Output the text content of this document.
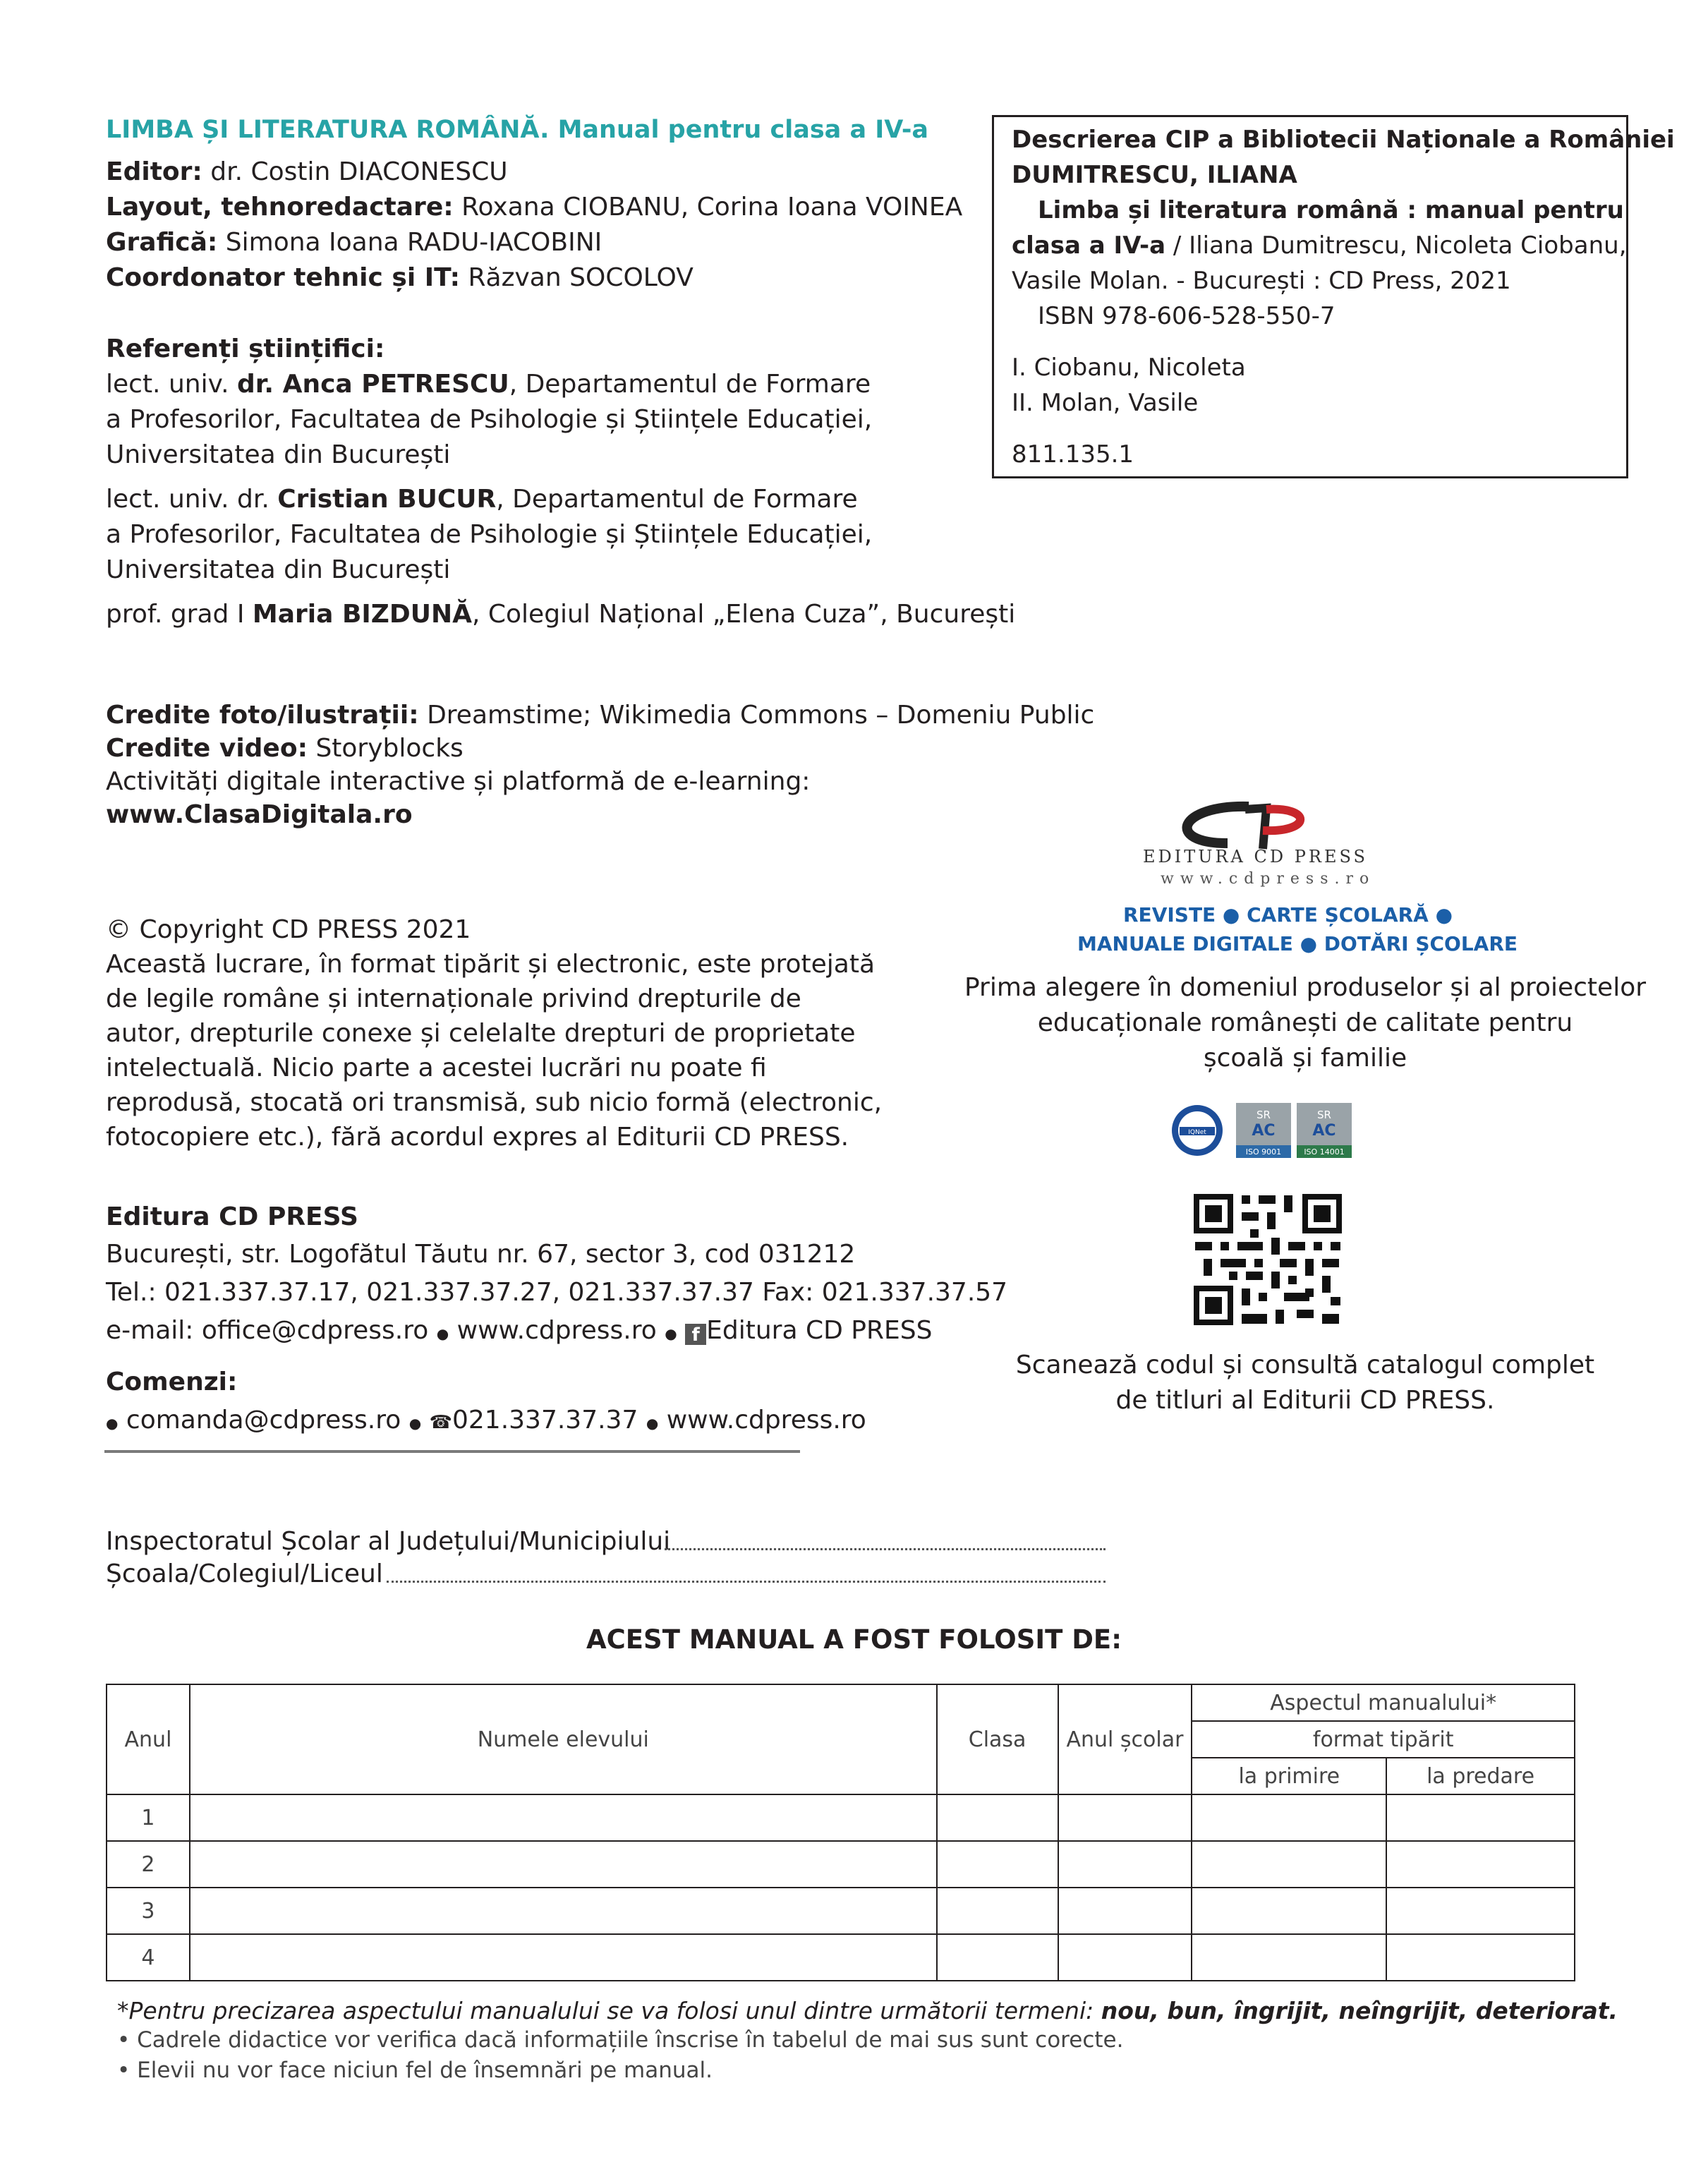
LIMBA ȘI LITERATURA ROMÂNĂ. Manual pentru clasa a IV-a
Editor: dr. Costin DIACONESCU
Layout, tehnoredactare: Roxana CIOBANU, Corina Ioana VOINEA
Grafică: Simona Ioana RADU-IACOBINI
Coordonator tehnic și IT: Răzvan SOCOLOV
Referenți științifici:
lect. univ. dr. Anca PETRESCU, Departamentul de Formare
a Profesorilor, Facultatea de Psihologie și Științele Educației,
Universitatea din București
lect. univ. dr. Cristian BUCUR, Departamentul de Formare
a Profesorilor, Facultatea de Psihologie și Științele Educației,
Universitatea din București
prof. grad I Maria BIZDUNĂ, Colegiul Național „Elena Cuza”, București
Descrierea CIP a Bibliotecii Naționale a României
DUMITRESCU, ILIANA
Limba și literatura română : manual pentru
clasa a IV-a / Iliana Dumitrescu, Nicoleta Ciobanu,
Vasile Molan. - București : CD Press, 2021
ISBN 978-606-528-550-7
I. Ciobanu, Nicoleta
II. Molan, Vasile
811.135.1
Credite foto/ilustrații: Dreamstime; Wikimedia Commons – Domeniu Public
Credite video: Storyblocks
Activități digitale interactive și platformă de e-learning:
www.ClasaDigitala.ro
© Copyright CD PRESS 2021
Această lucrare, în format tipărit și electronic, este protejată
de legile române și internaționale privind drepturile de
autor, drepturile conexe și celelalte drepturi de proprietate
intelectuală. Nicio parte a acestei lucrări nu poate fi
reprodusă, stocată ori transmisă, sub nicio formă (electronic,
fotocopiere etc.), fără acordul expres al Editurii CD PRESS.
Editura CD PRESS
București, str. Logofătul Tăutu nr. 67, sector 3, cod 031212
Tel.: 021.337.37.17, 021.337.37.27, 021.337.37.37 Fax: 021.337.37.57
e-mail: office@cdpress.ro ● www.cdpress.ro ● f Editura CD PRESS
Comenzi:
● comanda@cdpress.ro ● ☎021.337.37.37 ● www.cdpress.ro
EDITURA CD PRESS
www.cdpress.ro
REVISTE ● CARTE ȘCOLARĂ ●
MANUALE DIGITALE ● DOTĂRI ȘCOLARE
Prima alegere în domeniul produselor și al proiectelor
educaționale românești de calitate pentru
școală și familie
IQNet
SR
AC
ISO 9001
SR
AC
ISO 14001
Scanează codul și consultă catalogul complet
de titluri al Editurii CD PRESS.
Inspectoratul Școlar al Județului/Municipiului
Școala/Colegiul/Liceul
ACEST MANUAL A FOST FOLOSIT DE:
Anul	Numele elevului	Clasa	Anul școlar	Aspectul manualului*	
				format tipărit	
				la primire	la predare
1					
2					
3					
4					
*Pentru precizarea aspectului manualului se va folosi unul dintre următorii termeni: nou, bun, îngrijit, neîngrijit, deteriorat.
• Cadrele didactice vor verifica dacă informațiile înscrise în tabelul de mai sus sunt corecte.
• Elevii nu vor face niciun fel de însemnări pe manual.
